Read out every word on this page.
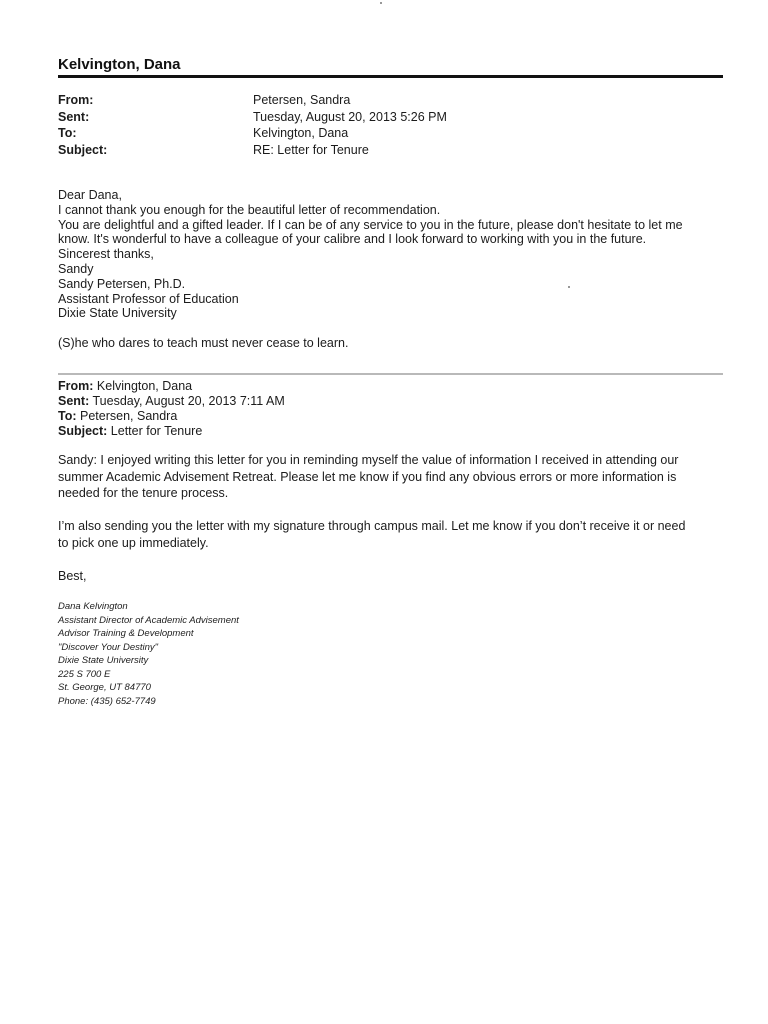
Kelvington, Dana
From:	Petersen, Sandra
Sent:	Tuesday, August 20, 2013 5:26 PM
To:	Kelvington, Dana
Subject:	RE: Letter for Tenure

Dear Dana,

I cannot thank you enough for the beautiful letter of recommendation.

You are delightful and a gifted leader. If I can be of any service to you in the future, please don't hesitate to let me

know. It's wonderful to have a colleague of your calibre and I look forward to working with you in the future.

Sincerest thanks,

Sandy

Sandy Petersen, Ph.D.

Assistant Professor of Education

Dixie State University

(S)he who dares to teach must never cease to learn.
From: Kelvington, Dana
Sent: Tuesday, August 20, 2013 7:11 AM
To: Petersen, Sandra
Subject: Letter for Tenure

Sandy: I enjoyed writing this letter for you in reminding myself the value of information I received in attending our

summer Academic Advisement Retreat. Please let me know if you find any obvious errors or more information is

needed for the tenure process.

I’m also sending you the letter with my signature through campus mail. Let me know if you don’t receive it or need

to pick one up immediately.

Best,

Dana Kelvington
Assistant Director of Academic Advisement
Advisor Training & Development
"Discover Your Destiny"
Dixie State University
225 S 700 E
St. George, UT 84770
Phone: (435) 652-7749
